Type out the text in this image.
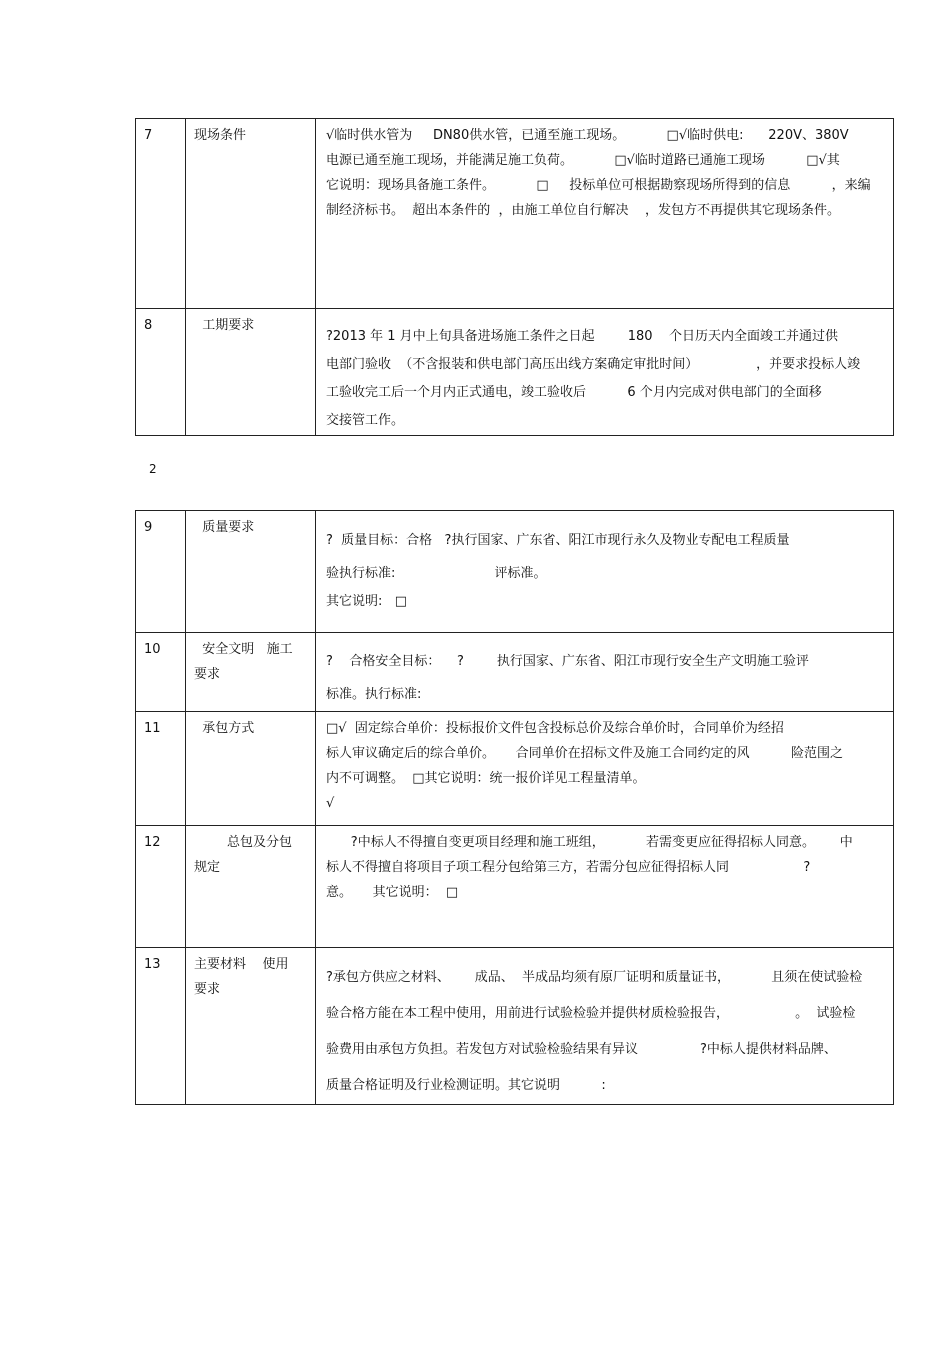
7	现场条件	√临时供水管为     DN80供水管，已通至施工现场。          □√临时供电:      220V、380V
电源已通至施工现场，并能满足施工负荷。          □√临时道路已通施工现场          □√其
它说明：现场具备施工条件。          □     投标单位可根据勘察现场所得到的信息          ，来编
制经济标书。  超出本条件的  ，由施工单位自行解决    ，发包方不再提供其它现场条件。

8	工期要求	?2013 年 1 月中上旬具备进场施工条件之日起        180    个日历天内全面竣工并通过供
电部门验收  （不含报装和供电部门高压出线方案确定审批时间）              ，并要求投标人竣
工验收完工后一个月内正式通电，竣工验收后          6 个月内完成对供电部门的全面移
交接管工作。
2
9	质量要求	?  质量目标：合格   ?执行国家、广东省、阳江市现行永久及物业专配电工程质量
验执行标准:                        评标准。
其它说明:   □

10	安全文明   施工
要求	?    合格安全目标：    ?        执行国家、广东省、阳江市现行安全生产文明施工验评
标准。执行标准:

11	承包方式	□√  固定综合单价：投标报价文件包含投标总价及综合单价时，合同单价为经招
标人审议确定后的综合单价。     合同单价在招标文件及施工合同约定的风          险范围之
内不可调整。  □其它说明：统一报价详见工程量清单。
√

12	总包及分包
规定	?中标人不得擅自变更项目经理和施工班组，          若需变更应征得招标人同意。      中
标人不得擅自将项目子项工程分包给第三方，若需分包应征得招标人同                  ?
意。     其它说明：  □

13	主要材料    使用
要求	?承包方供应之材料、      成品、  半成品均须有原厂证明和质量证书，          且须在使试验检
验合格方能在本工程中使用，用前进行试验检验并提供材质检验报告，                。  试验检
验费用由承包方负担。若发包方对试验检验结果有异议               ?中标人提供材料品牌、
质量合格证明及行业检测证明。其它说明          :
